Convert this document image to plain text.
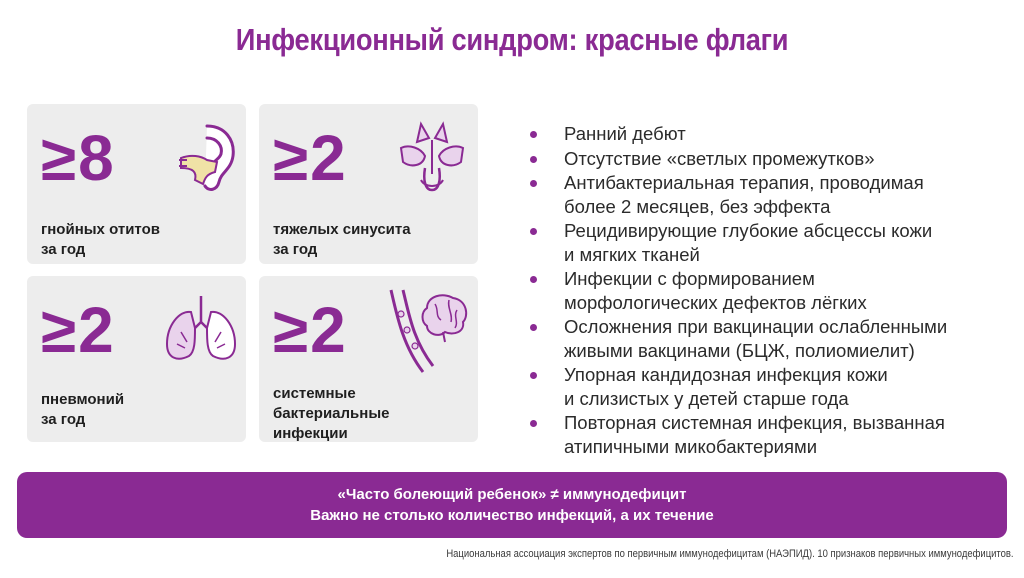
Инфекционный синдром: красные флаги
≥8
гнойных отитов
за год
≥2
тяжелых синусита
за год
≥2
пневмоний
за год
≥2
системные
бактериальные
инфекции
Ранний дебют
Отсутствие «светлых промежутков»
Антибактериальная терапия, проводимая
более 2 месяцев, без эффекта
Рецидивирующие глубокие абсцессы кожи
и мягких тканей
Инфекции с формированием
морфологических дефектов лёгких
Осложнения при вакцинации ослабленными
живыми вакцинами (БЦЖ, полиомиелит)
Упорная кандидозная инфекция кожи
и слизистых у детей старше года
Повторная системная инфекция, вызванная
атипичными микобактериями
«Часто болеющий ребенок» ≠ иммунодефицит
Важно не столько количество инфекций, а их течение
Национальная ассоциация экспертов по первичным иммунодефицитам (НАЭПИД). 10 признаков первичных иммунодефицитов.
